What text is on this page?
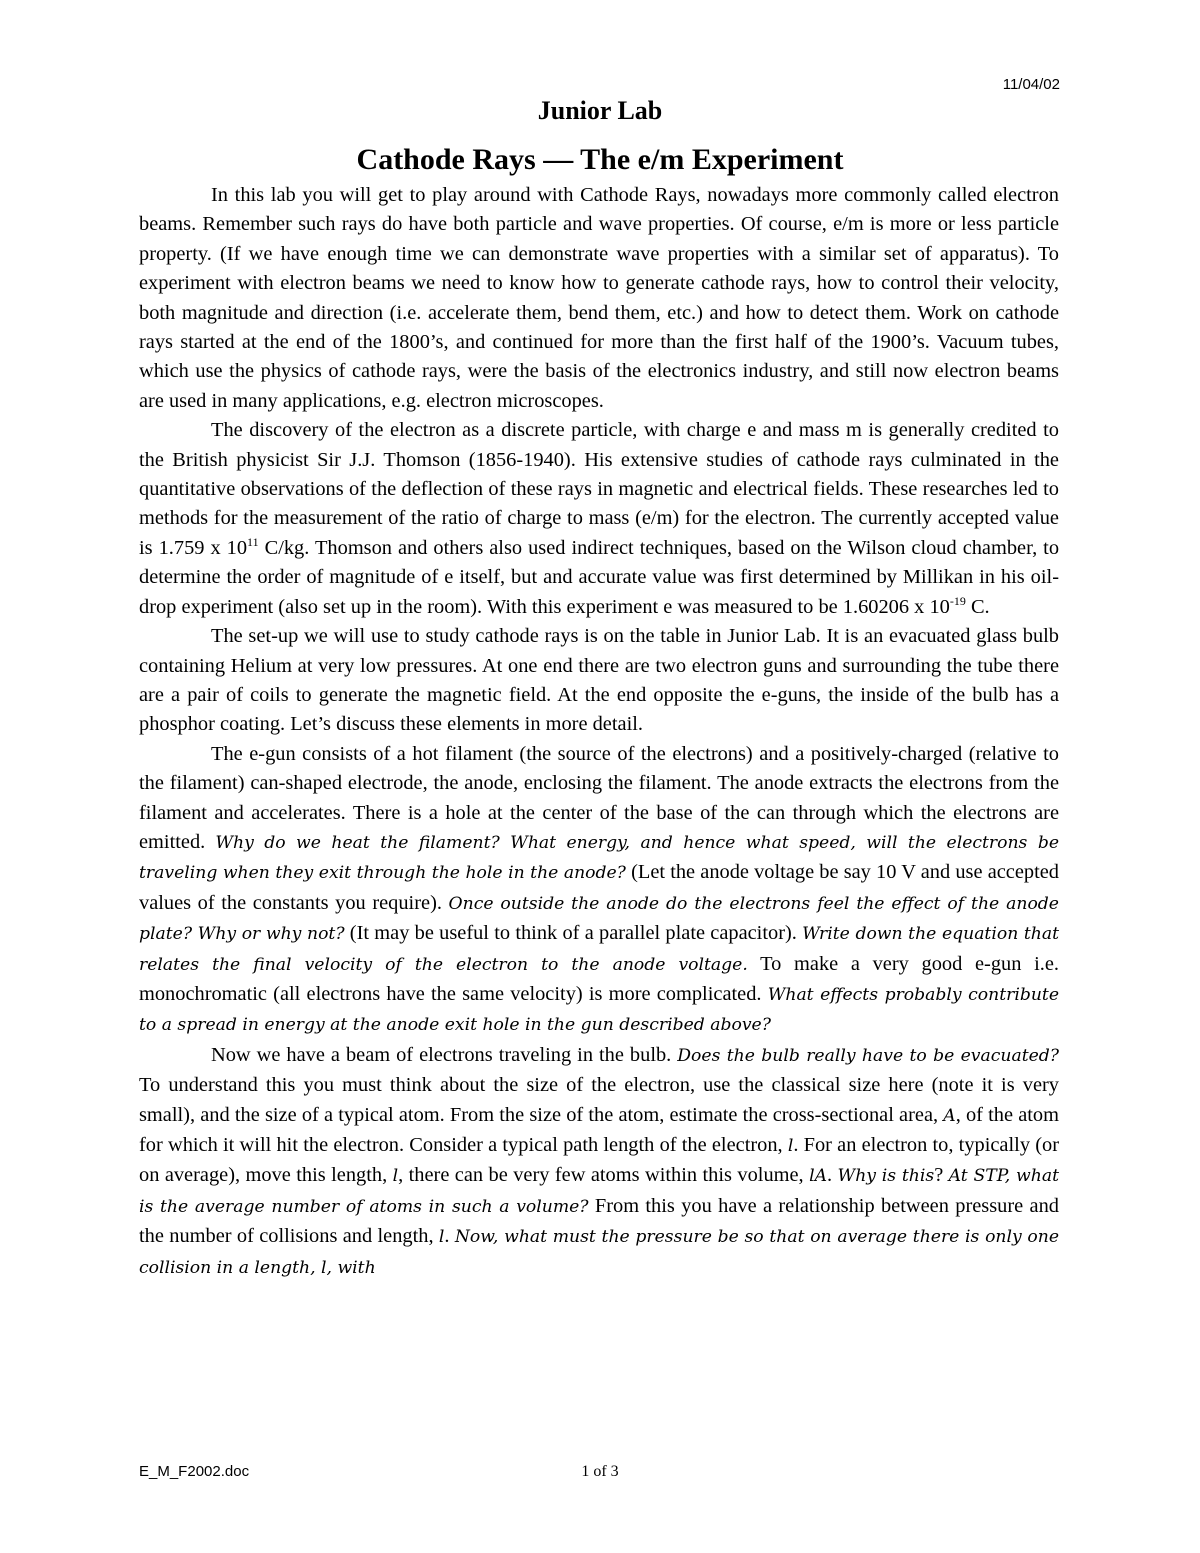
11/04/02
Junior Lab
Cathode Rays — The e/m Experiment

In this lab you will get to play around with Cathode Rays, nowadays more commonly called electron beams. Remember such rays do have both particle and wave properties. Of course, e/m is more or less particle property. (If we have enough time we can demonstrate wave properties with a similar set of apparatus). To experiment with electron beams we need to know how to generate cathode rays, how to control their velocity, both magnitude and direction (i.e. accelerate them, bend them, etc.) and how to detect them. Work on cathode rays started at the end of the 1800’s, and continued for more than the first half of the 1900’s. Vacuum tubes, which use the physics of cathode rays, were the basis of the electronics industry, and still now electron beams are used in many applications, e.g. electron microscopes.

The discovery of the electron as a discrete particle, with charge e and mass m is generally credited to the British physicist Sir J.J. Thomson (1856-1940). His extensive studies of cathode rays culminated in the quantitative observations of the deflection of these rays in magnetic and electrical fields. These researches led to methods for the measurement of the ratio of charge to mass (e/m) for the electron. The currently accepted value is 1.759 x $10^{11}$ C/kg. Thomson and others also used indirect techniques, based on the Wilson cloud chamber, to determine the order of magnitude of e itself, but and accurate value was first determined by Millikan in his oil-drop experiment (also set up in the room). With this experiment e was measured to be 1.60206 x $10^{-19}$ C.

The set-up we will use to study cathode rays is on the table in Junior Lab. It is an evacuated glass bulb containing Helium at very low pressures. At one end there are two electron guns and surrounding the tube there are a pair of coils to generate the magnetic field. At the end opposite the e-guns, the inside of the bulb has a phosphor coating. Let’s discuss these elements in more detail.

The e-gun consists of a hot filament (the source of the electrons) and a positively-charged (relative to the filament) can-shaped electrode, the anode, enclosing the filament. The anode extracts the electrons from the filament and accelerates. There is a hole at the center of the base of the can through which the electrons are emitted. Why do we heat the filament? What energy, and hence what speed, will the electrons be traveling when they exit through the hole in the anode? (Let the anode voltage be say 10 V and use accepted values of the constants you require). Once outside the anode do the electrons feel the effect of the anode plate? Why or why not? (It may be useful to think of a parallel plate capacitor). Write down the equation that relates the final velocity of the electron to the anode voltage. To make a very good e-gun i.e. monochromatic (all electrons have the same velocity) is more complicated. What effects probably contribute to a spread in energy at the anode exit hole in the gun described above?

Now we have a beam of electrons traveling in the bulb. Does the bulb really have to be evacuated? To understand this you must think about the size of the electron, use the classical size here (note it is very small), and the size of a typical atom. From the size of the atom, estimate the cross-sectional area, A, of the atom for which it will hit the electron. Consider a typical path length of the electron, l. For an electron to, typically (or on average), move this length, l, there can be very few atoms within this volume, lA. Why is this? At STP, what is the average number of atoms in such a volume? From this you have a relationship between pressure and the number of collisions and length, l. Now, what must the pressure be so that on average there is only one collision in a length, l, with

E_M_F2002.doc	1 of 3
